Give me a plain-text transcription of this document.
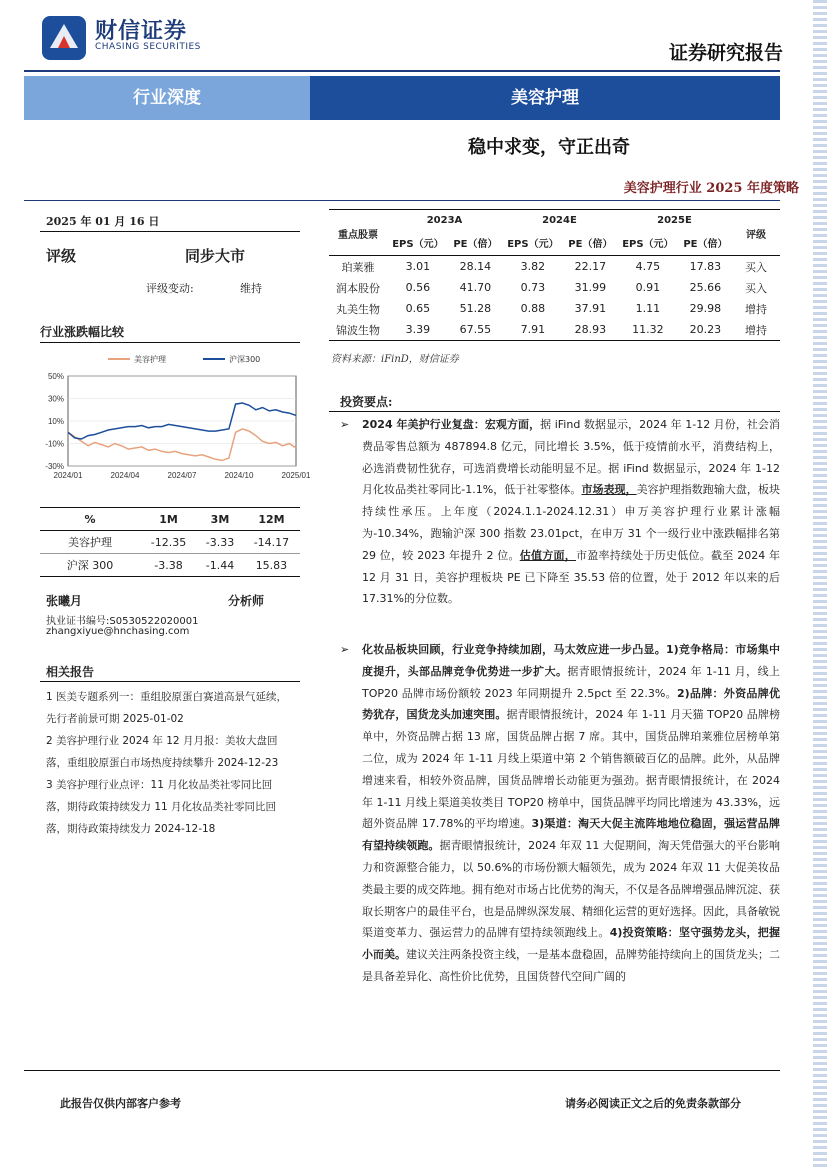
财信证券
CHASING SECURITIES	证券研究报告
行业深度	美容护理
稳中求变，守正出奇
美容护理行业 2025 年度策略
2025 年 01 月 16 日
评级	同步大市
评级变动:	维持
行业涨跌幅比较
50%
30%
10%
-10%
-30%
2024/01	2024/04	2024/07	2024/10	2025/01
美容护理	沪深300
%	1M	3M	12M
美容护理	-12.35	-3.33	-14.17
沪深 300	-3.38	-1.44	15.83
张曦月	分析师
执业证书编号:S0530522020001
zhangxiyue@hnchasing.com
相关报告
1 医美专题系列一：重组胶原蛋白赛道高景气延续，先行者前景可期 2025-01-02
2 美容护理行业 2024 年 12 月月报：美妆大盘回落，重组胶原蛋白市场热度持续攀升 2024-12-23
3 美容护理行业点评：11 月化妆品类社零同比回落，期待政策持续发力 11 月化妆品类社零同比回落，期待政策持续发力 2024-12-18
重点股票	2023A		2024E		2025E		评级
	EPS（元）	PE（倍）	EPS（元）	PE（倍）	EPS（元）	PE（倍）	
珀莱雅	3.01	28.14	3.82	22.17	4.75	17.83	买入
润本股份	0.56	41.70	0.73	31.99	0.91	25.66	买入
丸美生物	0.65	51.28	0.88	37.91	1.11	29.98	增持
锦波生物	3.39	67.55	7.91	28.93	11.32	20.23	增持
资料来源：iFinD，财信证券
投资要点:
➢ 2024 年美护行业复盘：宏观方面，据 iFind 数据显示，2024 年 1-12 月份，社会消费品零售总额为 487894.8 亿元，同比增长 3.5%，低于疫情前水平，消费结构上，必选消费韧性犹存，可选消费增长动能明显不足。据 iFind 数据显示，2024 年 1-12 月化妆品类社零同比-1.1%，低于社零整体。市场表现，美容护理指数跑输大盘，板块持续性承压。上年度（2024.1.1-2024.12.31）申万美容护理行业累计涨幅为-10.34%，跑输沪深 300 指数 23.01pct，在申万 31 个一级行业中涨跌幅排名第 29 位，较 2023 年提升 2 位。估值方面，市盈率持续处于历史低位。截至 2024 年 12 月 31 日，美容护理板块 PE 已下降至 35.53 倍的位置，处于 2012 年以来的后 17.31%的分位数。
➢ 化妆品板块回顾，行业竞争持续加剧，马太效应进一步凸显。1)竞争格局：市场集中度提升，头部品牌竞争优势进一步扩大。据青眼情报统计，2024 年 1-11 月，线上 TOP20 品牌市场份额较 2023 年同期提升 2.5pct 至 22.3%。2)品牌：外资品牌优势犹存，国货龙头加速突围。据青眼情报统计，2024 年 1-11 月天猫 TOP20 品牌榜单中，外资品牌占据 13 席，国货品牌占据 7 席。其中，国货品牌珀莱雅位居榜单第二位，成为 2024 年 1-11 月线上渠道中第 2 个销售额破百亿的品牌。此外，从品牌增速来看，相较外资品牌，国货品牌增长动能更为强劲。据青眼情报统计，在 2024 年 1-11 月线上渠道美妆类目 TOP20 榜单中，国货品牌平均同比增速为 43.33%，远超外资品牌 17.78%的平均增速。3)渠道：淘天大促主流阵地地位稳固，强运营品牌有望持续领跑。据青眼情报统计，2024 年双 11 大促期间，淘天凭借强大的平台影响力和资源整合能力，以 50.6%的市场份额大幅领先，成为 2024 年双 11 大促美妆品类最主要的成交阵地。拥有绝对市场占比优势的淘天，不仅是各品牌增强品牌沉淀、获取长期客户的最佳平台，也是品牌纵深发展、精细化运营的更好选择。因此，具备敏锐渠道变革力、强运营力的品牌有望持续领跑线上。4)投资策略：坚守强势龙头，把握小而美。建议关注两条投资主线，一是基本盘稳固，品牌势能持续向上的国货龙头；二是具备差异化、高性价比优势，且国货替代空间广阔的
此报告仅供内部客户参考	请务必阅读正文之后的免责条款部分
